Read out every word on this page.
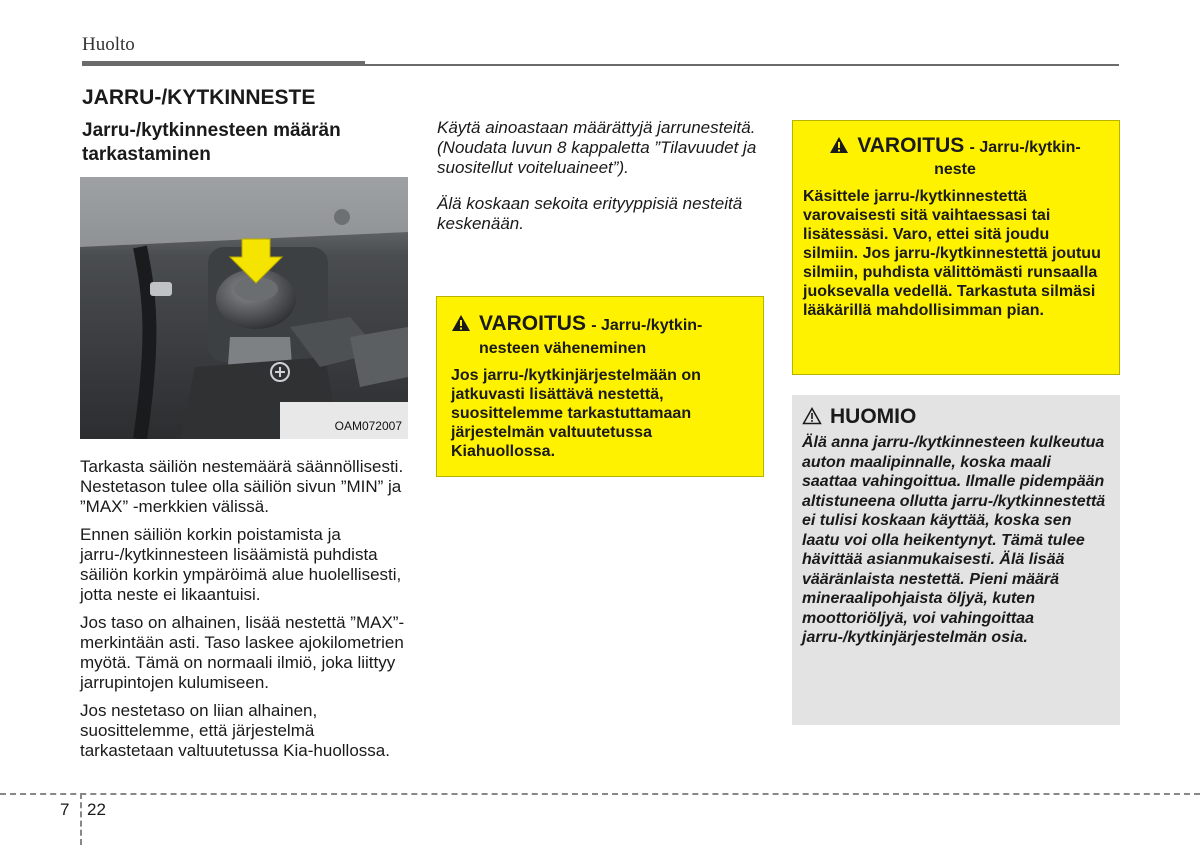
Huolto
JARRU-/KYTKINNESTE
Jarru-/kytkinnesteen määrän tarkastaminen
OAM072007

Tarkasta säiliön nestemäärä säännöllisesti. Nestetason tulee olla säiliön sivun ”MIN” ja ”MAX” -merkkien välissä.

Ennen säiliön korkin poistamista ja jarru-/kytkinnesteen lisäämistä puhdista säiliön korkin ympäröimä alue huolellisesti, jotta neste ei likaantuisi.

Jos taso on alhainen, lisää nestettä ”MAX”-merkintään asti. Taso laskee ajokilometrien myötä. Tämä on normaali ilmiö, joka liittyy jarrupintojen kulumiseen.

Jos nestetaso on liian alhainen, suosittelemme, että järjestelmä tarkastetaan valtuutetussa Kia-huollossa.

Käytä ainoastaan määrättyjä jarrunesteitä. (Noudata luvun 8 kappaletta ”Tilavuudet ja suositellut voiteluaineet”).

Älä koskaan sekoita erityyppisiä nesteitä keskenään.

VAROITUS - Jarru-/kytkin-
nesteen väheneminen
Jos jarru-/kytkinjärjestelmään on jatkuvasti lisättävä nestettä, suosittelemme tarkastuttamaan järjestelmän valtuutetussa Kiahuollossa.
VAROITUS - Jarru-/kytkin-
neste
Käsittele jarru-/kytkinnestettä varovaisesti sitä vaihtaessasi tai lisätessäsi. Varo, ettei sitä joudu silmiin. Jos jarru-/kytkinnestettä joutuu silmiin, puhdista välittömästi runsaalla juoksevalla vedellä. Tarkastuta silmäsi lääkärillä mahdollisimman pian.
HUOMIO
Älä anna jarru-/kytkinnesteen kulkeutua auton maalipinnalle, koska maali saattaa vahingoittua. Ilmalle pidempään altistuneena ollutta jarru-/kytkinnestettä ei tulisi koskaan käyttää, koska sen laatu voi olla heikentynyt. Tämä tulee hävittää asianmukaisesti. Älä lisää vääränlaista nestettä. Pieni määrä mineraalipohjaista öljyä, kuten moottoriöljyä, voi vahingoittaa jarru-/kytkinjärjestelmän osia.
7 22
